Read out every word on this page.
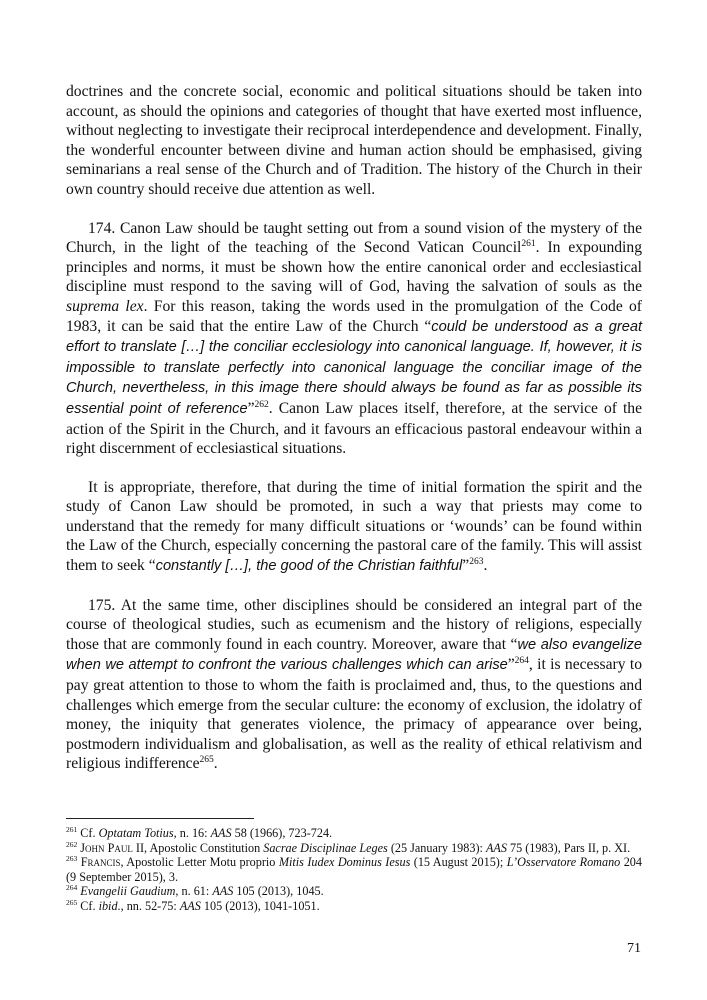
doctrines and the concrete social, economic and political situations should be taken into account, as should the opinions and categories of thought that have exerted most influence, without neglecting to investigate their reciprocal interdependence and development. Finally, the wonderful encounter between divine and human action should be emphasised, giving seminarians a real sense of the Church and of Tradition. The history of the Church in their own country should receive due attention as well.

174. Canon Law should be taught setting out from a sound vision of the mystery of the Church, in the light of the teaching of the Second Vatican Council$^{261}$. In expounding principles and norms, it must be shown how the entire canonical order and ecclesiastical discipline must respond to the saving will of God, having the salvation of souls as the suprema lex. For this reason, taking the words used in the promulgation of the Code of 1983, it can be said that the entire Law of the Church “could be understood as a great effort to translate […] the conciliar ecclesiology into canonical language. If, however, it is impossible to translate perfectly into canonical language the conciliar image of the Church, nevertheless, in this image there should always be found as far as possible its essential point of reference”$^{262}$. Canon Law places itself, therefore, at the service of the action of the Spirit in the Church, and it favours an efficacious pastoral endeavour within a right discernment of ecclesiastical situations.

It is appropriate, therefore, that during the time of initial formation the spirit and the study of Canon Law should be promoted, in such a way that priests may come to understand that the remedy for many difficult situations or ‘wounds’ can be found within the Law of the Church, especially concerning the pastoral care of the family. This will assist them to seek “constantly […], the good of the Christian faithful”$^{263}$.

175. At the same time, other disciplines should be considered an integral part of the course of theological studies, such as ecumenism and the history of religions, especially those that are commonly found in each country. Moreover, aware that “we also evangelize when we attempt to confront the various challenges which can arise”$^{264}$, it is necessary to pay great attention to those to whom the faith is proclaimed and, thus, to the questions and challenges which emerge from the secular culture: the economy of exclusion, the idolatry of money, the iniquity that generates violence, the primacy of appearance over being, postmodern individualism and globalisation, as well as the reality of ethical relativism and religious indifference$^{265}$.

$^{261}$ Cf. Optatam Totius, n. 16: AAS 58 (1966), 723-724.

$^{262}$ John Paul II, Apostolic Constitution Sacrae Disciplinae Leges (25 January 1983): AAS 75 (1983), Pars II, p. XI.

$^{263}$ Francis, Apostolic Letter Motu proprio Mitis Iudex Dominus Iesus (15 August 2015); L’Osservatore Romano 204 (9 September 2015), 3.

$^{264}$ Evangelii Gaudium, n. 61: AAS 105 (2013), 1045.

$^{265}$ Cf. ibid., nn. 52-75: AAS 105 (2013), 1041-1051.

71
